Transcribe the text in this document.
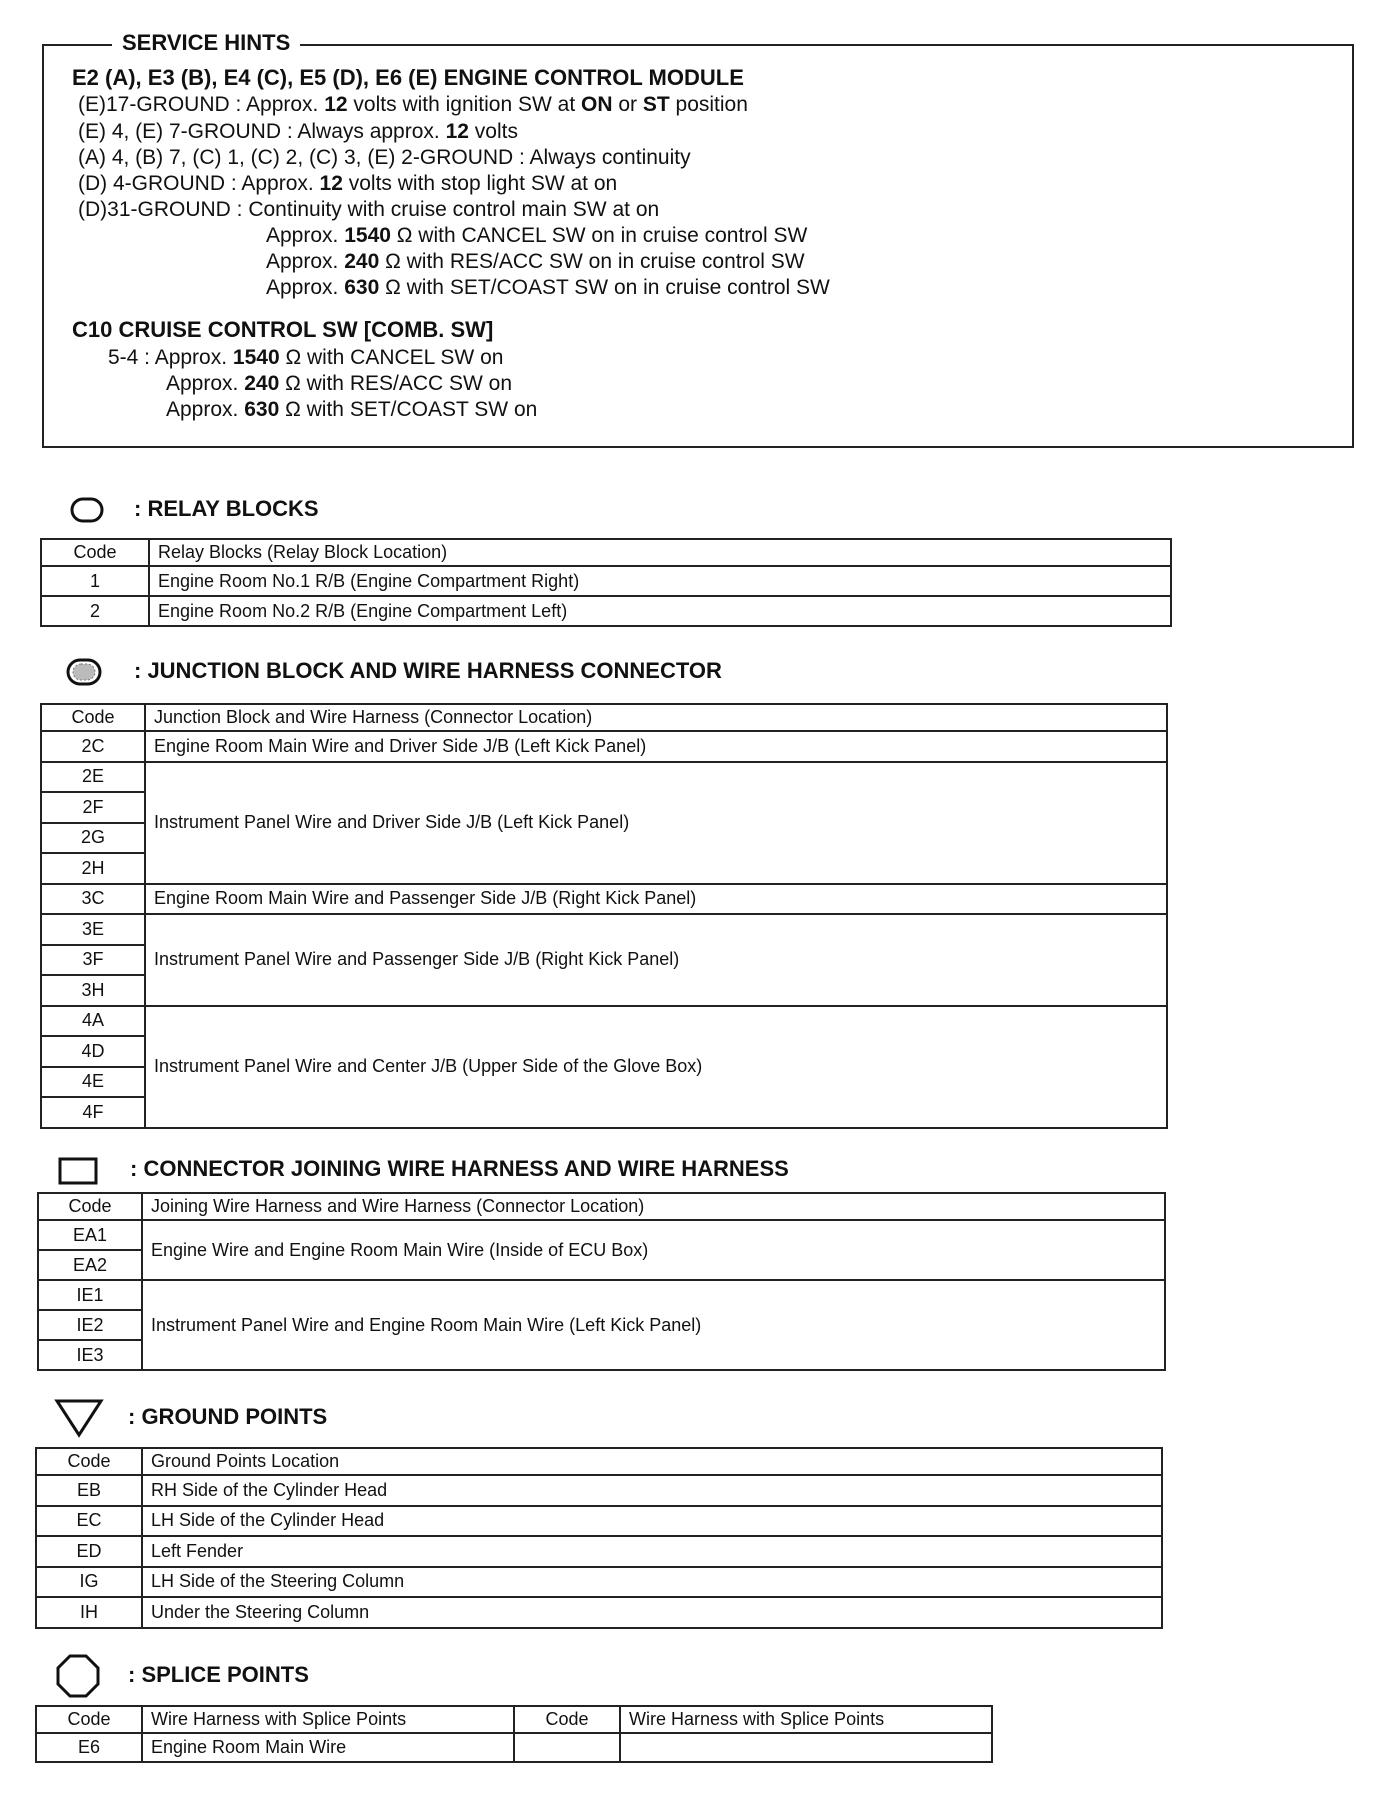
SERVICE HINTS
E2 (A), E3 (B), E4 (C), E5 (D), E6 (E) ENGINE CONTROL MODULE
(E)17-GROUND : Approx. 12 volts with ignition SW at ON or ST position
(E) 4, (E) 7-GROUND : Always approx. 12 volts
(A) 4, (B) 7, (C) 1, (C) 2, (C) 3, (E) 2-GROUND : Always continuity
(D) 4-GROUND : Approx. 12 volts with stop light SW at on
(D)31-GROUND : Continuity with cruise control main SW at on
Approx. 1540 Ω with CANCEL SW on in cruise control SW
Approx. 240 Ω with RES/ACC SW on in cruise control SW
Approx. 630 Ω with SET/COAST SW on in cruise control SW
C10 CRUISE CONTROL SW [COMB. SW]
5-4 : Approx. 1540 Ω with CANCEL SW on
Approx. 240 Ω with RES/ACC SW on
Approx. 630 Ω with SET/COAST SW on
: RELAY BLOCKS
Code	Relay Blocks (Relay Block Location)
1	Engine Room No.1 R/B (Engine Compartment Right)
2	Engine Room No.2 R/B (Engine Compartment Left)
: JUNCTION BLOCK AND WIRE HARNESS CONNECTOR
Code	Junction Block and Wire Harness (Connector Location)
2C	Engine Room Main Wire and Driver Side J/B (Left Kick Panel)
2E	Instrument Panel Wire and Driver Side J/B (Left Kick Panel)
2F	
2G	
2H	
3C	Engine Room Main Wire and Passenger Side J/B (Right Kick Panel)
3E	Instrument Panel Wire and Passenger Side J/B (Right Kick Panel)
3F	
3H	
4A	Instrument Panel Wire and Center J/B (Upper Side of the Glove Box)
4D	
4E	
4F	
: CONNECTOR JOINING WIRE HARNESS AND WIRE HARNESS
Code	Joining Wire Harness and Wire Harness (Connector Location)
EA1	Engine Wire and Engine Room Main Wire (Inside of ECU Box)
EA2	
IE1	Instrument Panel Wire and Engine Room Main Wire (Left Kick Panel)
IE2	
IE3	
: GROUND POINTS
Code	Ground Points Location
EB	RH Side of the Cylinder Head
EC	LH Side of the Cylinder Head
ED	Left Fender
IG	LH Side of the Steering Column
IH	Under the Steering Column
: SPLICE POINTS
Code	Wire Harness with Splice Points	Code	Wire Harness with Splice Points
E6	Engine Room Main Wire		
